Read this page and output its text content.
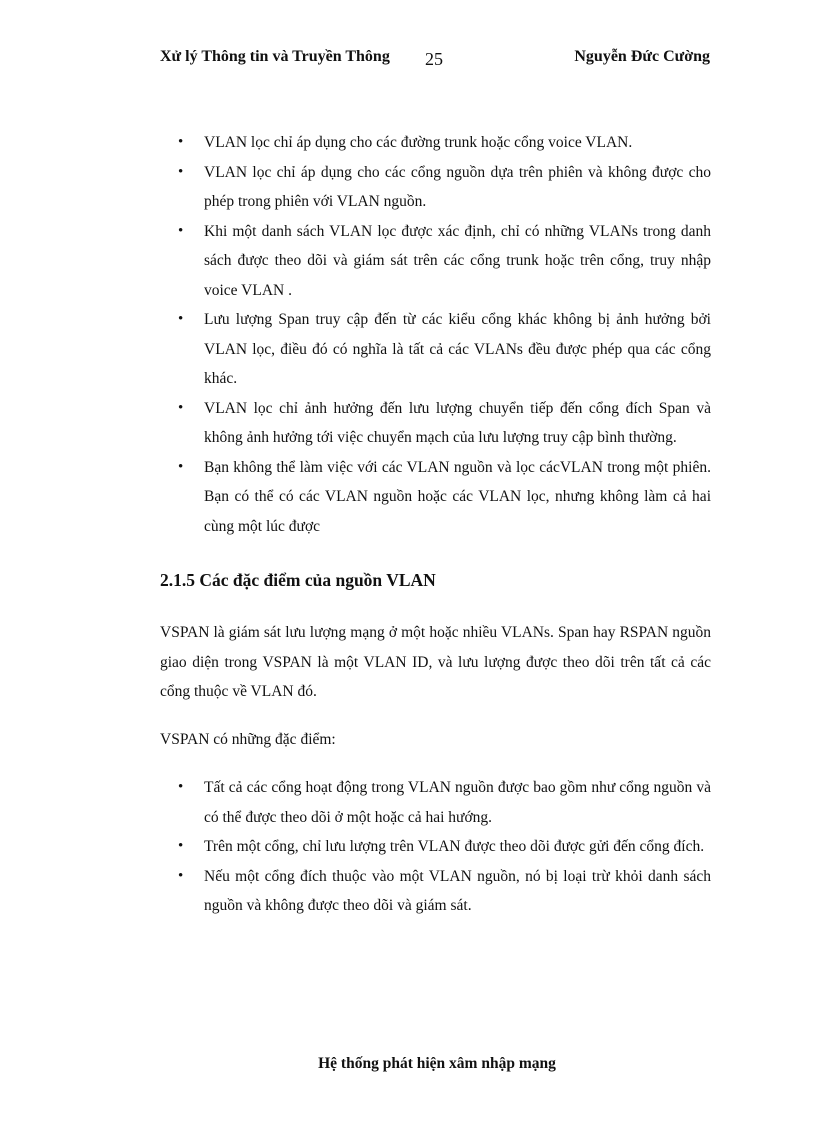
Xử lý Thông tin và Truyền Thông 25	Nguyễn Đức Cường
• VLAN lọc chỉ áp dụng cho các đường trunk hoặc cổng voice VLAN.
• VLAN lọc chỉ áp dụng cho các cổng nguồn dựa trên phiên và không được cho phép trong phiên với VLAN nguồn.
• Khi một danh sách VLAN lọc được xác định, chỉ có những VLANs trong danh sách được theo dõi và giám sát trên các cổng trunk hoặc trên cổng, truy nhập voice VLAN .
• Lưu lượng Span truy cập đến từ các kiểu cổng khác không bị ảnh hưởng bởi VLAN lọc, điều đó có nghĩa là tất cả các VLANs đều được phép qua các cổng khác.
• VLAN lọc chỉ ảnh hưởng đến lưu lượng chuyển tiếp đến cổng đích Span và không ảnh hưởng tới việc chuyển mạch của lưu lượng truy cập bình thường.
• Bạn không thể làm việc với các VLAN nguồn và lọc cácVLAN trong một phiên. Bạn có thể có các VLAN nguồn hoặc các VLAN lọc, nhưng không làm cả hai cùng một lúc được
2.1.5 Các đặc điểm của nguồn VLAN

VSPAN là giám sát lưu lượng mạng ở một hoặc nhiều VLANs. Span hay RSPAN nguồn giao diện trong VSPAN là một VLAN ID, và lưu lượng được theo dõi trên tất cả các cổng thuộc về VLAN đó.

VSPAN có những đặc điểm:

• Tất cả các cổng hoạt động trong VLAN nguồn được bao gồm như cổng nguồn và có thể được theo dõi ở một hoặc cả hai hướng.
• Trên một cổng, chỉ lưu lượng trên VLAN được theo dõi được gửi đến cổng đích.
• Nếu một cổng đích thuộc vào một VLAN nguồn, nó bị loại trừ khỏi danh sách nguồn và không được theo dõi và giám sát.
Hệ thống phát hiện xâm nhập mạng
